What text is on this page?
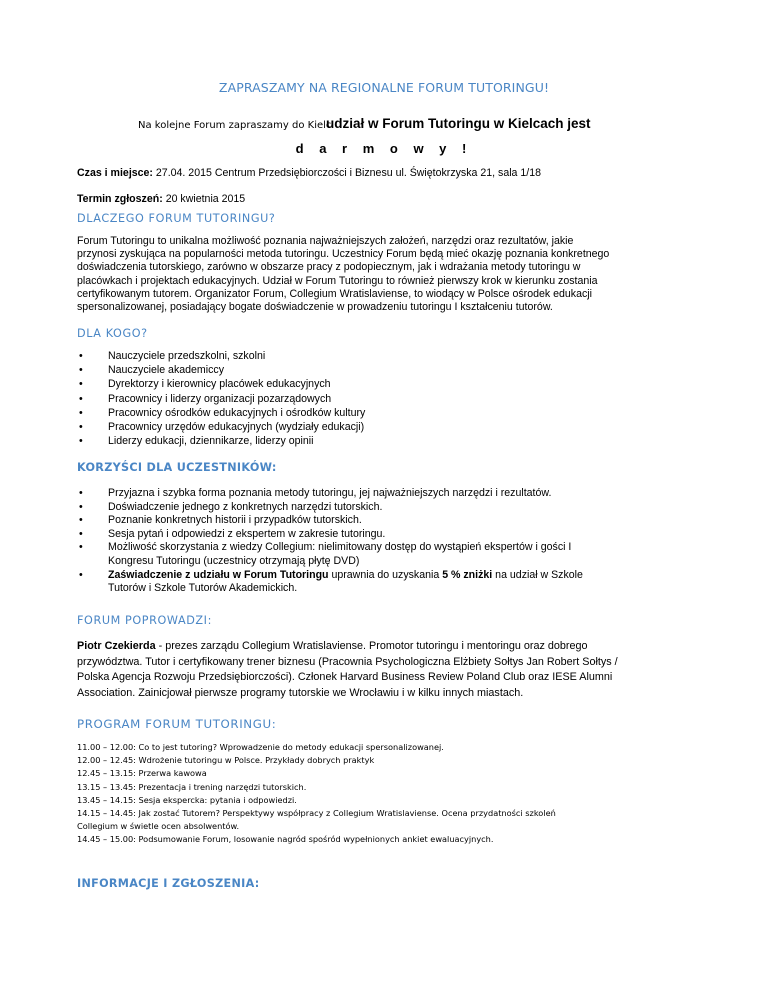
ZAPRASZAMY NA REGIONALNE FORUM TUTORINGU!
Na kolejne Forum zapraszamy do Kielc
udział w Forum Tutoringu w Kielcach jest
d a r m o w y !
Czas i miejsce: 27.04. 2015 Centrum Przedsiębiorczości i Biznesu ul. Świętokrzyska 21, sala 1/18
Termin zgłoszeń: 20 kwietnia 2015
DLACZEGO FORUM TUTORINGU?
Forum Tutoringu to unikalna możliwość poznania najważniejszych założeń, narzędzi oraz rezultatów, jakie
przynosi zyskująca na popularności metoda tutoringu. Uczestnicy Forum będą mieć okazję poznania konkretnego
doświadczenia tutorskiego, zarówno w obszarze pracy z podopiecznym, jak i wdrażania metody tutoringu w
placówkach i projektach edukacyjnych. Udział w Forum Tutoringu to również pierwszy krok w kierunku zostania
certyfikowanym tutorem. Organizator Forum, Collegium Wratislaviense, to wiodący w Polsce ośrodek edukacji
spersonalizowanej, posiadający bogate doświadczenie w prowadzeniu tutoringu I kształceniu tutorów.
DLA KOGO?
• Nauczyciele przedszkolni, szkolni
• Nauczyciele akademiccy
• Dyrektorzy i kierownicy placówek edukacyjnych
• Pracownicy i liderzy organizacji pozarządowych
• Pracownicy ośrodków edukacyjnych i ośrodków kultury
• Pracownicy urzędów edukacyjnych (wydziały edukacji)
• Liderzy edukacji, dziennikarze, liderzy opinii
KORZYŚCI DLA UCZESTNIKÓW:
• Przyjazna i szybka forma poznania metody tutoringu, jej najważniejszych narzędzi i rezultatów.
• Doświadczenie jednego z konkretnych narzędzi tutorskich.
• Poznanie konkretnych historii i przypadków tutorskich.
• Sesja pytań i odpowiedzi z ekspertem w zakresie tutoringu.
• Możliwość skorzystania z wiedzy Collegium: nielimitowany dostęp do wystąpień ekspertów i gości I
Kongresu Tutoringu (uczestnicy otrzymają płytę DVD)
• Zaświadczenie z udziału w Forum Tutoringu uprawnia do uzyskania 5 % zniżki na udział w Szkole
Tutorów i Szkole Tutorów Akademickich.
FORUM POPROWADZI:
Piotr Czekierda - prezes zarządu Collegium Wratislaviense. Promotor tutoringu i mentoringu oraz dobrego
przywództwa. Tutor i certyfikowany trener biznesu (Pracownia Psychologiczna Elżbiety Sołtys Jan Robert Sołtys /
Polska Agencja Rozwoju Przedsiębiorczości). Członek Harvard Business Review Poland Club oraz IESE Alumni
Association. Zainicjował pierwsze programy tutorskie we Wrocławiu i w kilku innych miastach.
PROGRAM FORUM TUTORINGU:
11.00 – 12.00: Co to jest tutoring? Wprowadzenie do metody edukacji spersonalizowanej.
12.00 – 12.45: Wdrożenie tutoringu w Polsce. Przykłady dobrych praktyk
12.45 – 13.15: Przerwa kawowa
13.15 – 13.45: Prezentacja i trening narzędzi tutorskich.
13.45 – 14.15: Sesja ekspercka: pytania i odpowiedzi.
14.15 – 14.45: Jak zostać Tutorem? Perspektywy współpracy z Collegium Wratislaviense. Ocena przydatności szkoleń
Collegium w świetle ocen absolwentów.
14.45 – 15.00: Podsumowanie Forum, losowanie nagród spośród wypełnionych ankiet ewaluacyjnych.
INFORMACJE I ZGŁOSZENIA:
